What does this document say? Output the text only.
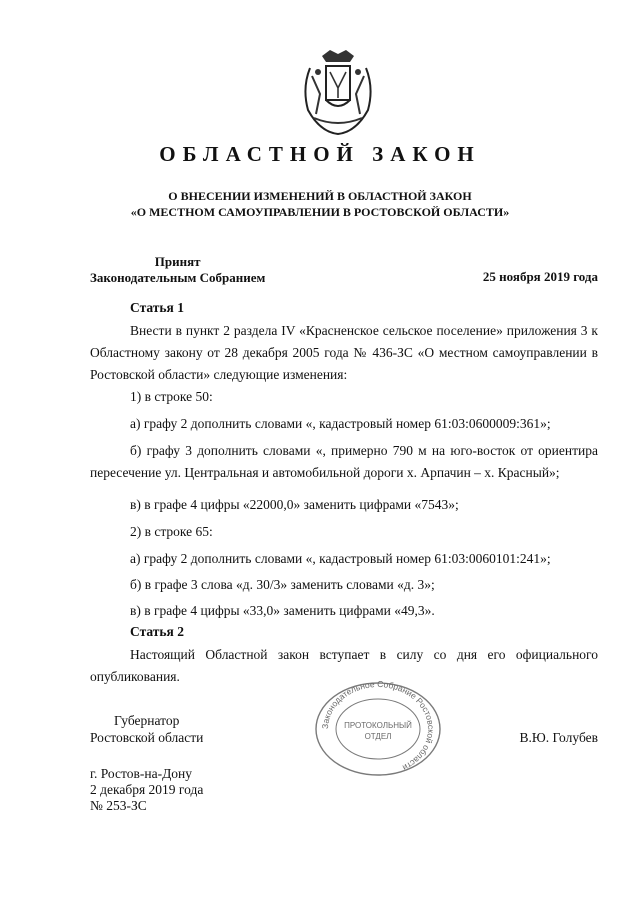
ОБЛАСТНОЙ ЗАКОН
О ВНЕСЕНИИ ИЗМЕНЕНИЙ В ОБЛАСТНОЙ ЗАКОН
«О МЕСТНОМ САМОУПРАВЛЕНИИ В РОСТОВСКОЙ ОБЛАСТИ»
Принят
Законодательным Собранием	25 ноября 2019 года
Статья 1
Внести в пункт 2 раздела IV «Красненское сельское поселение» приложения 3 к Областному закону от 28 декабря 2005 года № 436-ЗС «О местном самоуправлении в Ростовской области» следующие изменения:
1) в строке 50:
а) графу 2 дополнить словами «, кадастровый номер 61:03:0600009:361»;
б) графу 3 дополнить словами «, примерно 790 м на юго-восток от ориентира пересечение ул. Центральная и автомобильной дороги х. Арпачин – х. Красный»;
в) в графе 4 цифры «22000,0» заменить цифрами «7543»;
2) в строке 65:
а) графу 2 дополнить словами «, кадастровый номер 61:03:0060101:241»;
б) в графе 3 слова «д. 30/3» заменить словами «д. 3»;
в) в графе 4 цифры «33,0» заменить цифрами «49,3».
Статья 2
Настоящий Областной закон вступает в силу со дня его официального опубликования.
Законодательное Собрание Ростовской области
ПРОТОКОЛЬНЫЙ
ОТДЕЛ
Губернатор
Ростовской области	В.Ю. Голубев
г. Ростов-на-Дону
2 декабря 2019 года
№ 253-ЗС
